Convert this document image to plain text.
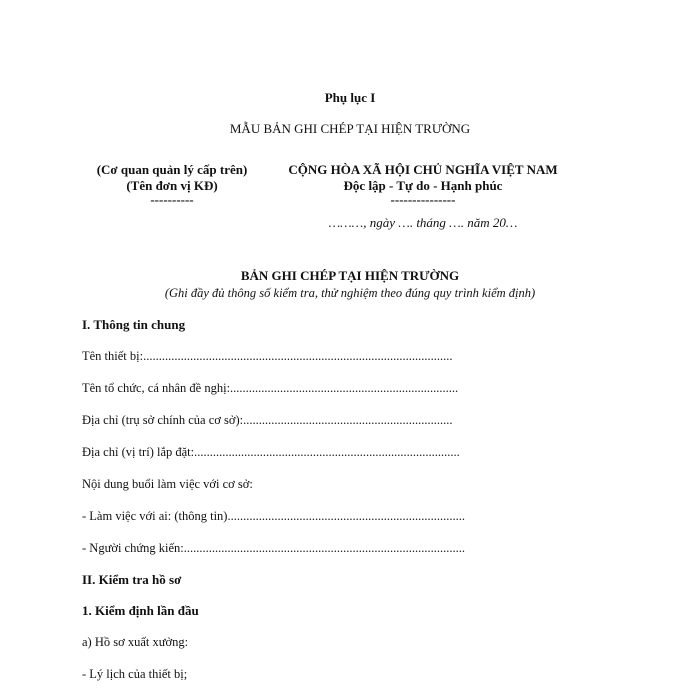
Phụ lục I
MẪU BẢN GHI CHÉP TẠI HIỆN TRƯỜNG
(Cơ quan quản lý cấp trên)
(Tên đơn vị KĐ)
----------
CỘNG HÒA XÃ HỘI CHỦ NGHĨA VIỆT NAM
Độc lập - Tự do - Hạnh phúc
---------------
………, ngày …. tháng …. năm 20…
BẢN GHI CHÉP TẠI HIỆN TRƯỜNG
(Ghi đầy đủ thông số kiểm tra, thử nghiệm theo đúng quy trình kiểm định)
I. Thông tin chung
Tên thiết bị:...................................................................................................
Tên tổ chức, cá nhân đề nghị:.........................................................................
Địa chỉ (trụ sở chính của cơ sở):...................................................................
Địa chỉ (vị trí) lắp đặt:.....................................................................................
Nội dung buổi làm việc với cơ sở:
- Làm việc với ai: (thông tin)............................................................................
- Người chứng kiến:..........................................................................................
II. Kiểm tra hồ sơ
1. Kiểm định lần đầu
a) Hồ sơ xuất xưởng:
- Lý lịch của thiết bị;
